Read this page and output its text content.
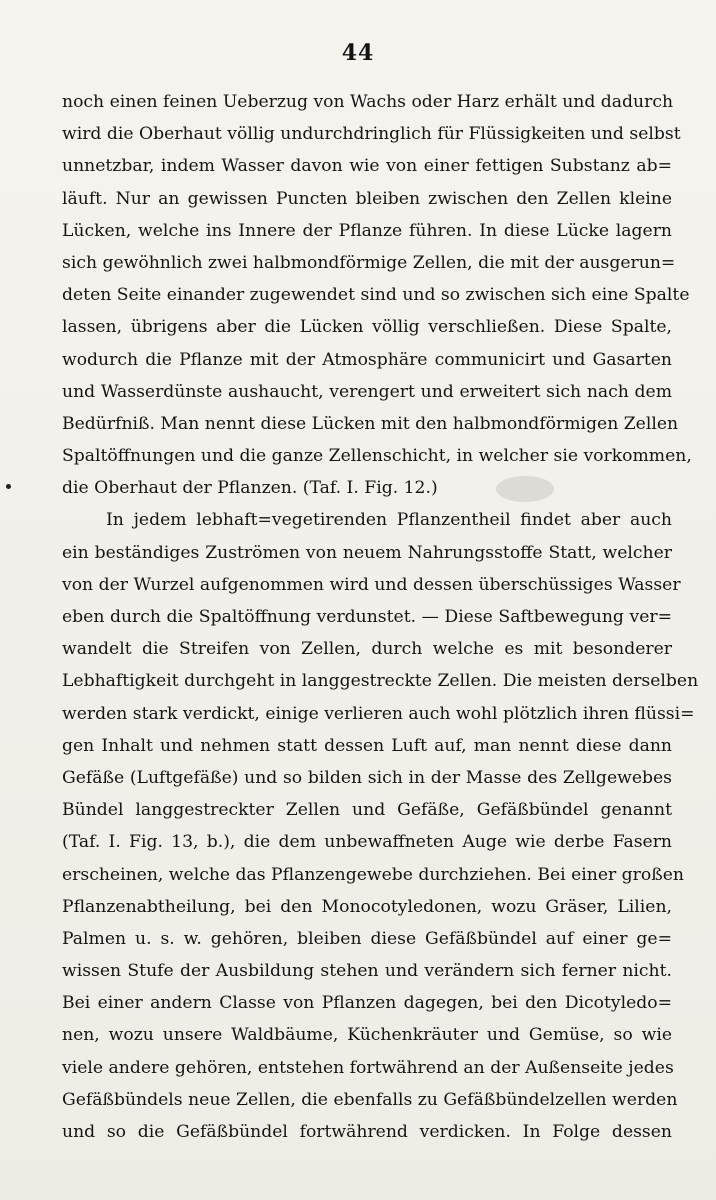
44
noch einen feinen Ueberzug von Wachs oder Harz erhält und dadurch
wird die Oberhaut völlig undurchdringlich für Flüssigkeiten und selbst
unnetzbar, indem Wasser davon wie von einer fettigen Substanz ab=
läuft. Nur an gewissen Puncten bleiben zwischen den Zellen kleine
Lücken, welche ins Innere der Pflanze führen. In diese Lücke lagern
sich gewöhnlich zwei halbmondförmige Zellen, die mit der ausgerun=
deten Seite einander zugewendet sind und so zwischen sich eine Spalte
lassen, übrigens aber die Lücken völlig verschließen. Diese Spalte,
wodurch die Pflanze mit der Atmosphäre communicirt und Gasarten
und Wasserdünste aushaucht, verengert und erweitert sich nach dem
Bedürfniß. Man nennt diese Lücken mit den halbmondförmigen Zellen
Spaltöffnungen und die ganze Zellenschicht, in welcher sie vorkommen,
die Oberhaut der Pflanzen. (Taf. I. Fig. 12.)
In jedem lebhaft=vegetirenden Pflanzentheil findet aber auch
ein beständiges Zuströmen von neuem Nahrungsstoffe Statt, welcher
von der Wurzel aufgenommen wird und dessen überschüssiges Wasser
eben durch die Spaltöffnung verdunstet. — Diese Saftbewegung ver=
wandelt die Streifen von Zellen, durch welche es mit besonderer
Lebhaftigkeit durchgeht in langgestreckte Zellen. Die meisten derselben
werden stark verdickt, einige verlieren auch wohl plötzlich ihren flüssi=
gen Inhalt und nehmen statt dessen Luft auf, man nennt diese dann
Gefäße (Luftgefäße) und so bilden sich in der Masse des Zellgewebes
Bündel langgestreckter Zellen und Gefäße, Gefäßbündel genannt
(Taf. I. Fig. 13, b.), die dem unbewaffneten Auge wie derbe Fasern
erscheinen, welche das Pflanzengewebe durchziehen. Bei einer großen
Pflanzenabtheilung, bei den Monocotyledonen, wozu Gräser, Lilien,
Palmen u. s. w. gehören, bleiben diese Gefäßbündel auf einer ge=
wissen Stufe der Ausbildung stehen und verändern sich ferner nicht.
Bei einer andern Classe von Pflanzen dagegen, bei den Dicotyledo=
nen, wozu unsere Waldbäume, Küchenkräuter und Gemüse, so wie
viele andere gehören, entstehen fortwährend an der Außenseite jedes
Gefäßbündels neue Zellen, die ebenfalls zu Gefäßbündelzellen werden
und so die Gefäßbündel fortwährend verdicken. In Folge dessen
